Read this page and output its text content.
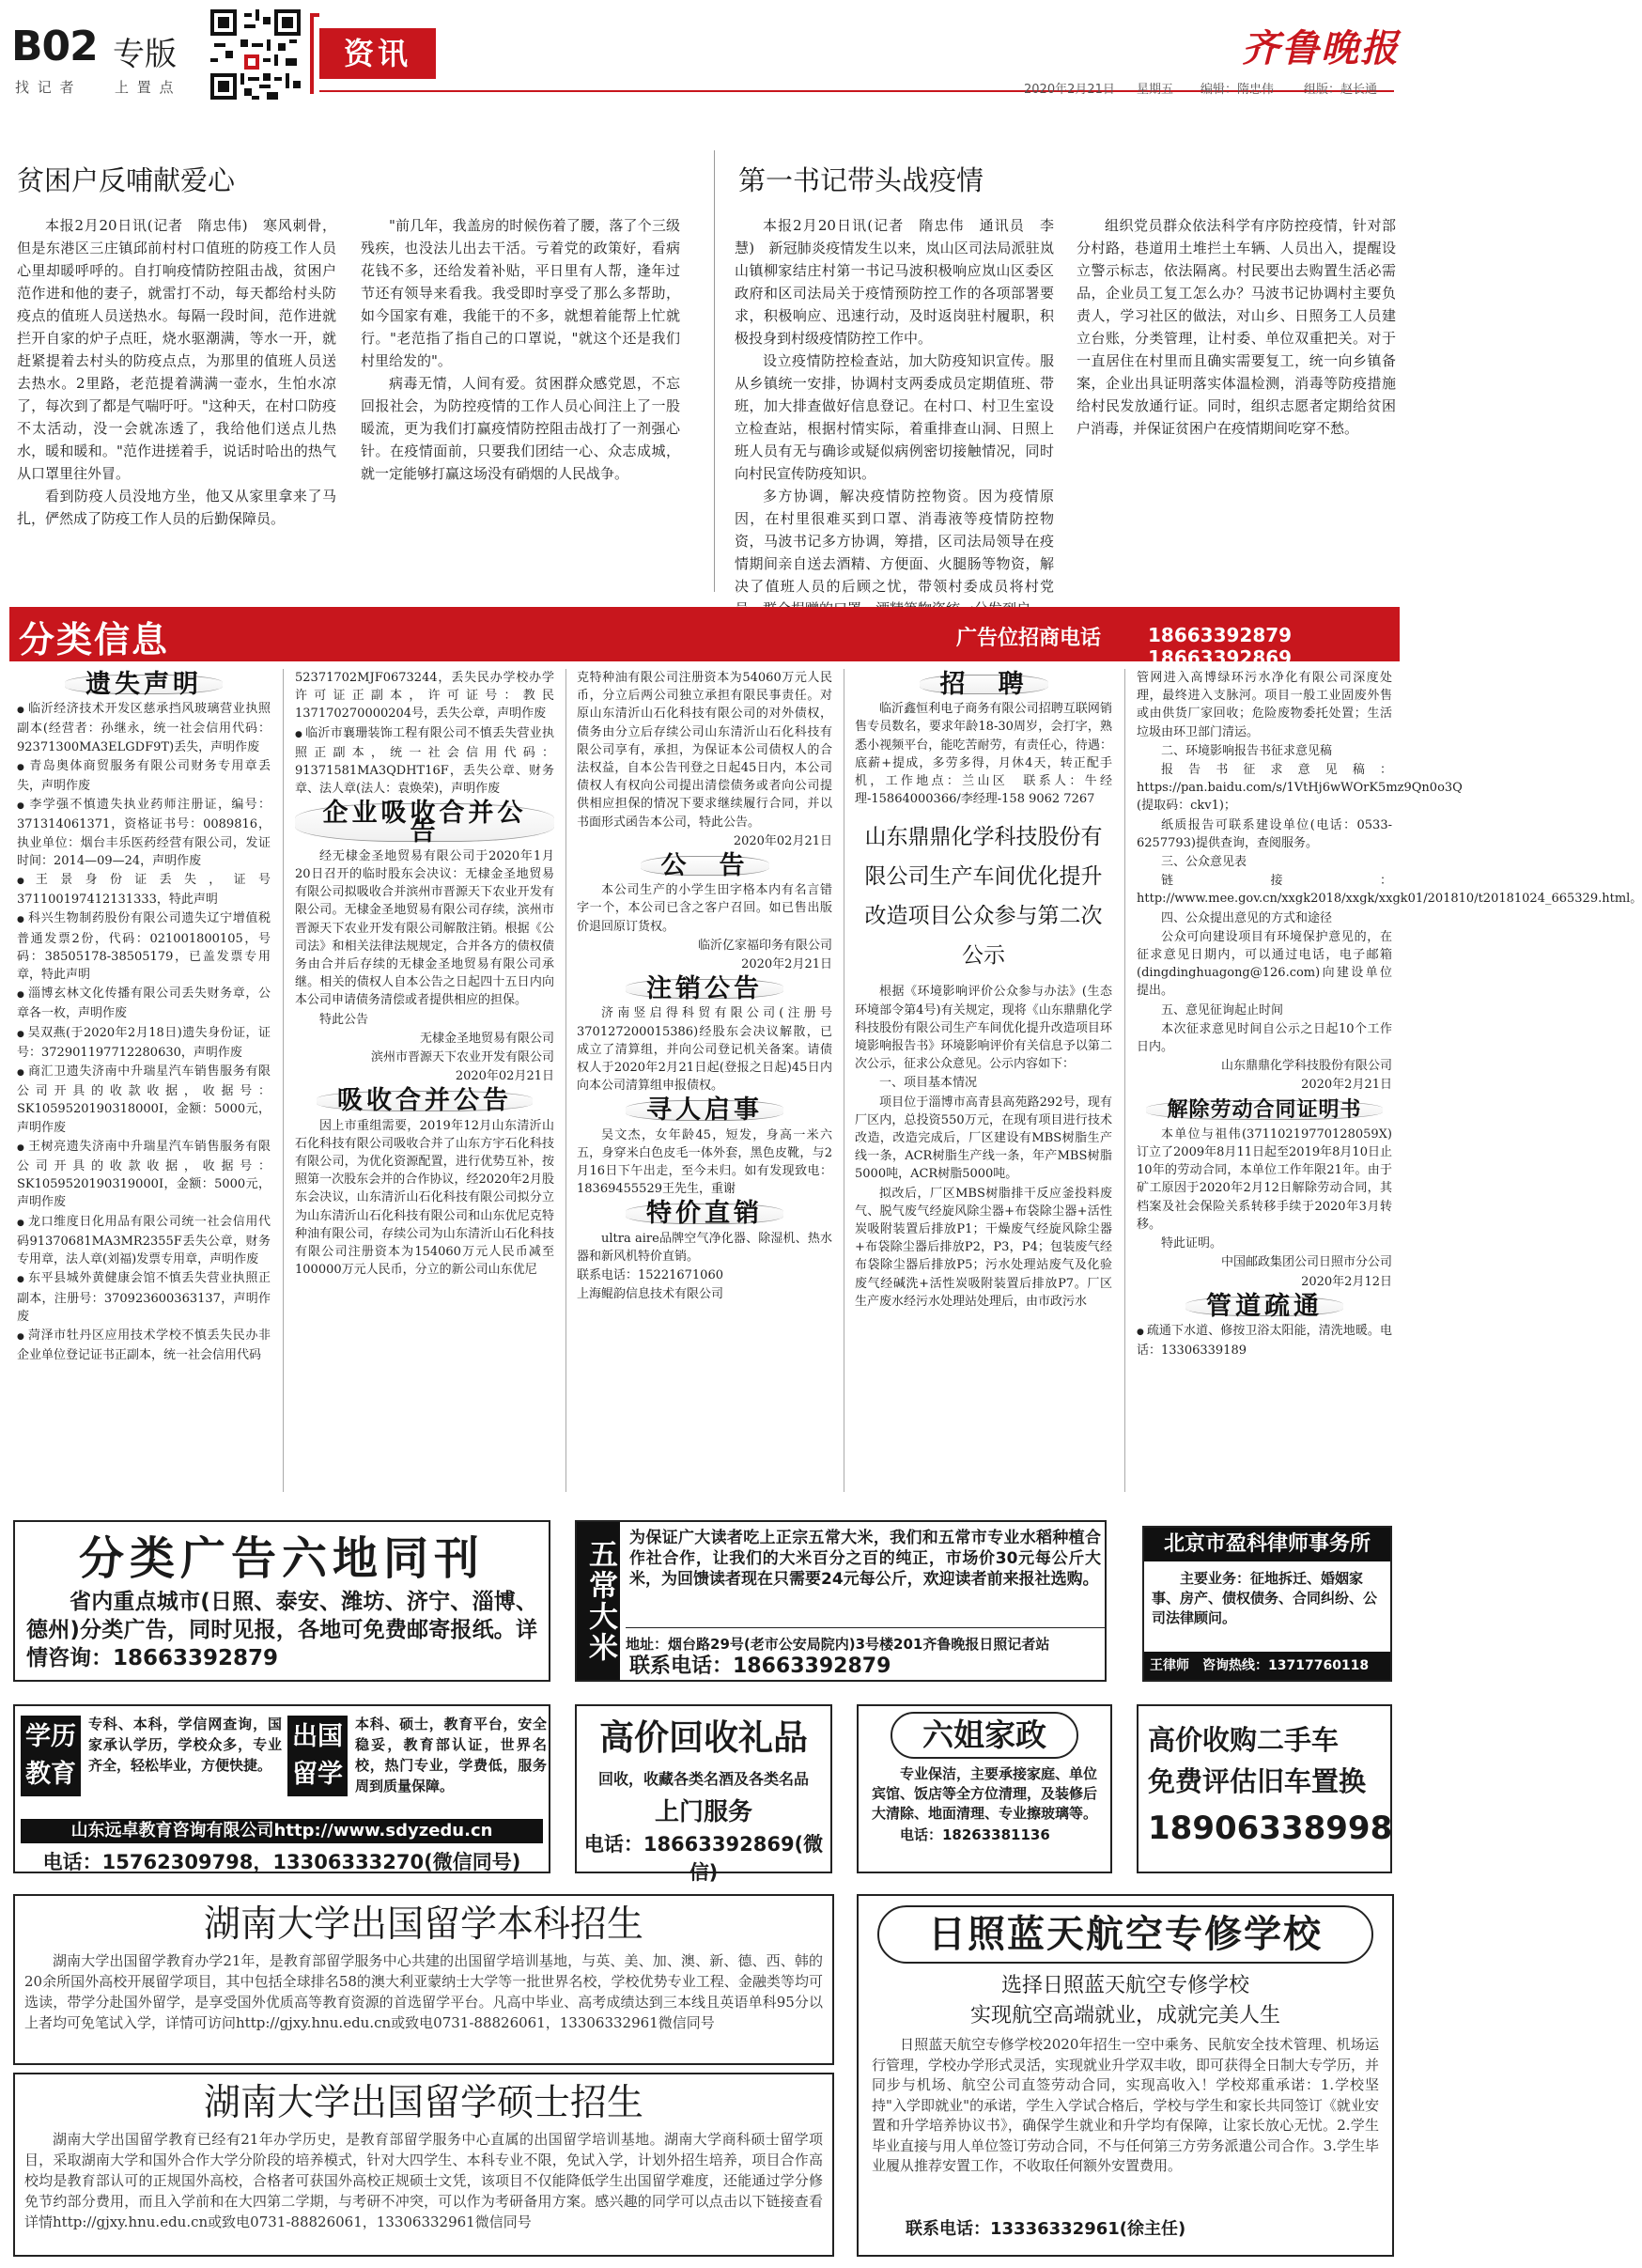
B02 专版
找 记 者	上 置 点
资讯	齐鲁晚报
2020年2月21日 星期五 编辑：隋忠伟 组版：赵长通
贫困户反哺献爱心

本报2月20日讯(记者　隋忠伟)　寒风刺骨，但是东港区三庄镇邱前村村口值班的防疫工作人员心里却暖呼呼的。自打响疫情防控阻击战，贫困户范作进和他的妻子，就雷打不动，每天都给村头防疫点的值班人员送热水。每隔一段时间，范作进就拦开自家的炉子点旺，烧水驱潮满，等水一开，就赶紧提着去村头的防疫点点，为那里的值班人员送去热水。2里路，老范提着满满一壶水，生怕水凉了，每次到了都是气喘吁吁。"这种天，在村口防疫不太活动，没一会就冻透了，我给他们送点儿热水，暖和暖和。"范作进搓着手，说话时哈出的热气从口罩里往外冒。

看到防疫人员没地方坐，他又从家里拿来了马扎，俨然成了防疫工作人员的后勤保障员。

"前几年，我盖房的时候伤着了腰，落了个三级残疾，也没法儿出去干活。亏着党的政策好，看病花钱不多，还给发着补贴，平日里有人帮，逢年过节还有领导来看我。我受即时享受了那么多帮助，如今国家有难，我能干的不多，就想着能帮上忙就行。"老范指了指自己的口罩说，"就这个还是我们村里给发的"。

病毒无情，人间有爱。贫困群众感党恩，不忘回报社会，为防控疫情的工作人员心间注上了一股暖流，更为我们打赢疫情防控阻击战打了一剂强心针。在疫情面前，只要我们团结一心、众志成城，就一定能够打赢这场没有硝烟的人民战争。

第一书记带头战疫情

本报2月20日讯(记者　隋忠伟　通讯员　李慧)　新冠肺炎疫情发生以来，岚山区司法局派驻岚山镇柳家结庄村第一书记马波积极响应岚山区委区政府和区司法局关于疫情预防控工作的各项部署要求，积极响应、迅速行动，及时返岗驻村履职，积极投身到村级疫情防控工作中。

设立疫情防控检查站，加大防疫知识宣传。服从乡镇统一安排，协调村支两委成员定期值班、带班，加大排查做好信息登记。在村口、村卫生室设立检查站，根据村情实际，着重排查山洞、日照上班人员有无与确诊或疑似病例密切接触情况，同时向村民宣传防疫知识。

多方协调，解决疫情防控物资。因为疫情原因，在村里很难买到口罩、消毒液等疫情防控物资，马波书记多方协调，筹措，区司法局领导在疫情期间亲自送去酒精、方便面、火腿肠等物资，解决了值班人员的后顾之忧，带领村委成员将村党

组织党员群众依法科学有序防控疫情，针对部分村路，巷道用土堆拦土车辆、人员出入，提醒设立警示标志，依法隔离。村民要出去购置生活必需品，企业员工复工怎么办？马波书记协调村主要负责人，学习社区的做法，对山乡、日照务工人员建立台账，分类管理，让村委、单位双重把关。对于一直居住在村里而且确实需要复工，统一向乡镇备案，企业出具证明落实体温检测，消毒等防疫措施给村民发放通行证。同时，组织志愿者定期给贫困户消毒，并保证贫困户在疫情期间吃穿不愁。

分类信息	广告位招商电话 18663392879 18663392869
遗失声明

● 临沂经济技术开发区慈承挡风玻璃营业执照副本(经营者：孙继永，统一社会信用代码：92371300MA3ELGDF9T)丢失，声明作废

● 青岛奥体商贸服务有限公司财务专用章丢失，声明作废

● 李学强不慎遗失执业药师注册证，编号：371314061371，资格证书号：0089816，执业单位：烟台丰乐医药经营有限公司，发证时间：2014—09—24，声明作废

● 王 景 身 份 证 丢 失 ， 证 号371100197412131333，特此声明

● 科兴生物制药股份有限公司遗失辽宁增值税普通发票2份，代码：021001800105，号码：38505178-38505179，已盖发票专用章，特此声明

● 淄博玄林文化传播有限公司丢失财务章，公章各一枚，声明作废

● 吴双燕(于2020年2月18日)遗失身份证，证号：372901197712280630，声明作废

● 商汇卫遗失济南中升瑞星汽车销售服务有限公司开具的收款收据，收据号：SK1059520190318000I，金额：5000元，声明作废

● 王树亮遗失济南中升瑞星汽车销售服务有限公司开具的收款收据，收据号：SK1059520190319000I，金额：5000元，声明作废

● 龙口维度日化用品有限公司统一社会信用代码91370681MA3MR2355F丢失公章，财务专用章，法人章(刘福)发票专用章，声明作废

● 东平县城外黄健康会馆不慎丢失营业执照正副本，注册号：370923600363137，声明作废

● 菏泽市牡丹区应用技术学校不慎丢失民办非企业单位登记证书正副本，统一社会信用代码

52371702MJF0673244，丢失民办学校办学许可证正副本，许可证号：教民137170270000204号，丢失公章，声明作废

● 临沂市襄珊装饰工程有限公司不慎丢失营业执照正副本，统一社会信用代码：91371581MA3QDHT16F，丢失公章、财务章、法人章(法人：袁焕荣)，声明作废

企业吸收合并公告

经无棣金圣地贸易有限公司于2020年1月20日召开的临时股东会决议：无棣金圣地贸易有限公司拟吸收合并滨州市晋源天下农业开发有限公司。无棣金圣地贸易有限公司存续，滨州市晋源天下农业开发有限公司解散注销。根据《公司法》和相关法律法规规定，合并各方的债权债务由合并后存续的无棣金圣地贸易有限公司承继。相关的债权人自本公告之日起四十五日内向本公司申请债务清偿或者提供相应的担保。

特此公告

无棣金圣地贸易有限公司

滨州市晋源天下农业开发有限公司

2020年02月21日

吸收合并公告

因上市重组需要，2019年12月山东清沂山石化科技有限公司吸收合并了山东方宇石化科技有限公司，为优化资源配置，进行优势互补，按照第一次股东会并的合作协议，经2020年2月股东会决议，山东清沂山石化科技有限公司拟分立为山东清沂山石化科技有限公司和山东优尼克特种油有限公司，存续公司为山东清沂山石化科技有限公司注册资本为154060万元人民币减至100000万元人民币，分立的新公司山东优尼

克特种油有限公司注册资本为54060万元人民币，分立后两公司独立承担有限民事责任。对原山东清沂山石化科技有限公司的对外债权，债务由分立后存续公司山东清沂山石化科技有限公司享有，承担，为保证本公司债权人的合法权益，自本公告刊登之日起45日内，本公司债权人有权向公司提出清偿债务或者向公司提供相应担保的情况下要求继续履行合同，并以书面形式函告本公司，特此公告。

2020年02月21日

公　告

本公司生产的小学生田字格本内有名言错字一个，本公司已含之客户召回。如已售出版价退回原订货权。

临沂亿家福印务有限公司

2020年2月21日

注销公告

济南竖启得科贸有限公司(注册号370127200015386)经股东会决议解散，已成立了清算组，并向公司登记机关备案。请债权人于2020年2月21日起(登报之日起)45日内向本公司清算组申报债权。

寻人启事

吴文杰，女年龄45，短发，身高一米六五，身穿米白色皮毛一体外套，黑色皮靴，与2月16日下午出走，至今未归。如有发现致电：18369455529王先生，重谢

特价直销

ultra aire品牌空气净化器、除湿机、热水器和新风机特价直销。

联系电话：15221671060

上海鲲韵信息技术有限公司

招　聘

临沂鑫恒利电子商务有限公司招聘互联网销售专员数名，要求年龄18-30周岁，会打字，熟悉小视频平台，能吃苦耐劳，有责任心，待遇：底薪+提成，多劳多得，月休4天，转正配手机，工作地点：兰山区　联系人：牛经理-15864000366/李经理-158 9062 7267

山东鼎鼎化学科技股份有限公司生产车间优化提升改造项目公众参与第二次公示

根据《环境影响评价公众参与办法》(生态环境部令第4号)有关规定，现将《山东鼎鼎化学科技股份有限公司生产车间优化提升改造项目环境影响报告书》环境影响评价有关信息予以第二次公示，征求公众意见。公示内容如下：

一、项目基本情况

项目位于淄博市高青县高苑路292号，现有厂区内，总投资550万元，在现有项目进行技术改造，改造完成后，厂区建设有MBS树脂生产线一条，ACR树脂生产线一条，年产MBS树脂5000吨，ACR树脂5000吨。

拟改后，厂区MBS树脂排干反应釜投料废气、脱气废气经旋风除尘器+布袋除尘器+活性炭吸附装置后排放P1；干燥废气经旋风除尘器+布袋除尘器后排放P2，P3，P4；包装废气经布袋除尘器后排放P5；污水处理站废气及化验废气经碱洗+活性炭吸附装置后排放P7。厂区生产废水经污水处理站处理后，由市政污水

管网进入高博绿环污水净化有限公司深度处理，最终进入支脉河。项目一般工业固废外售或由供货厂家回收；危险废物委托处置；生活垃圾由环卫部门清运。

二、环境影响报告书征求意见稿

报告书征求意见稿：https://pan.baidu.com/s/1VtHj6wWOrK5mz9Qn0o3Q　(提取码：ckv1)；

纸质报告可联系建设单位(电话：0533-6257793)提供查询，查阅服务。

三、公众意见表

链接：http://www.mee.gov.cn/xxgk2018/xxgk/xxgk01/201810/t20181024_665329.html。

四、公众提出意见的方式和途径

公众可向建设项目有环境保护意见的，在征求意见日期内，可以通过电话，电子邮箱(dingdinghuagong@126.com)向建设单位提出。

五、意见征询起止时间

本次征求意见时间自公示之日起10个工作日内。

山东鼎鼎化学科技股份有限公司

2020年2月21日

解除劳动合同证明书

本单位与祖伟(37110219770128059X)订立了2009年8月11日起至2019年8月10日止10年的劳动合同，本单位工作年限21年。由于矿工原因于2020年2月12日解除劳动合同，其档案及社会保险关系转移手续于2020年3月转移。

特此证明。

中国邮政集团公司日照市分公司

2020年2月12日

管道疏通

● 疏通下水道、修按卫浴太阳能，清洗地暖。电话：13306339189

分类广告六地同刊
省内重点城市(日照、泰安、潍坊、济宁、淄博、德州)分类广告，同时见报，各地可免费邮寄报纸。详情咨询：18663392879	五常大米
为保证广大读者吃上正宗五常大米，我们和五常市专业水稻种植合作社合作，让我们的大米百分之百的纯正，市场价30元每公斤大米，为回馈读者现在只需要24元每公斤，欢迎读者前来报社选购。
地址：烟台路29号(老市公安局院内)3号楼201齐鲁晚报日照记者站
联系电话：18663392879
北京市盈科律师事务所
主要业务：征地拆迁、婚姻家事、房产、债权债务、合同纠纷、公司法律顾问。
王律师　 咨询热线：13717760118
学历教育
专科、本科，学信网查询，国家承认学历，学校众多，专业齐全，轻松毕业，方便快捷。
出国留学
本科、硕士，教育平台，安全稳妥，教育部认证，世界名校，热门专业，学费低，服务周到质量保障。
山东远卓教育咨询有限公司http://www.sdyzedu.cn
电话：15762309798，13306333270(微信同号)
高价回收礼品
回收，收藏各类名酒及各类名品
上门服务
电话：18663392869(微信)
六姐家政
专业保洁，主要承接家庭、单位宾馆、饭店等全方位清理，及装修后大清除、地面清理、专业擦玻璃等。
电话：18263381136
高价收购二手车
免费评估旧车置换
18906338998
湖南大学出国留学本科招生
湖南大学出国留学教育办学21年，是教育部留学服务中心共建的出国留学培训基地，与英、美、加、澳、新、德、西、韩的20余所国外高校开展留学项目，其中包括全球排名58的澳大利亚蒙纳士大学等一批世界名校，学校优势专业工程、金融类等均可选读，带学分赴国外留学，是享受国外优质高等教育资源的首选留学平台。凡高中毕业、高考成绩达到三本线且英语单科95分以上者均可免笔试入学，详情可访问http://gjxy.hnu.edu.cn或致电0731-88826061，13306332961微信同号
湖南大学出国留学硕士招生
湖南大学出国留学教育已经有21年办学历史，是教育部留学服务中心直属的出国留学培训基地。湖南大学商科硕士留学项目，采取湖南大学和国外合作大学分阶段的培养模式，针对大四学生、本科专业不限，免试入学，计划外招生培养，项目合作高校均是教育部认可的正规国外高校，合格者可获国外高校正规硕士文凭，该项目不仅能降低学生出国留学难度，还能通过学分修免节约部分费用，而且入学前和在大四第二学期，与考研不冲突，可以作为考研备用方案。感兴趣的同学可以点击以下链接查看详情http://gjxy.hnu.edu.cn或致电0731-88826061，13306332961微信同号
日照蓝天航空专修学校
选择日照蓝天航空专修学校
实现航空高端就业，成就完美人生
日照蓝天航空专修学校2020年招生一空中乘务、民航安全技术管理、机场运行管理，学校办学形式灵活，实现就业升学双丰收，即可获得全日制大专学历，并同步与机场、航空公司直签劳动合同，实现高收入！学校郑重承诺：1.学校坚持"入学即就业"的承诺，学生入学试合格后，学校与学生和家长共同签订《就业安置和升学培养协议书》，确保学生就业和升学均有保障，让家长放心无忧。2.学生毕业直接与用人单位签订劳动合同，不与任何第三方劳务派遣公司合作。3.学生毕业履从推荐安置工作，不收取任何额外安置费用。
联系电话：13336332961(徐主任)
